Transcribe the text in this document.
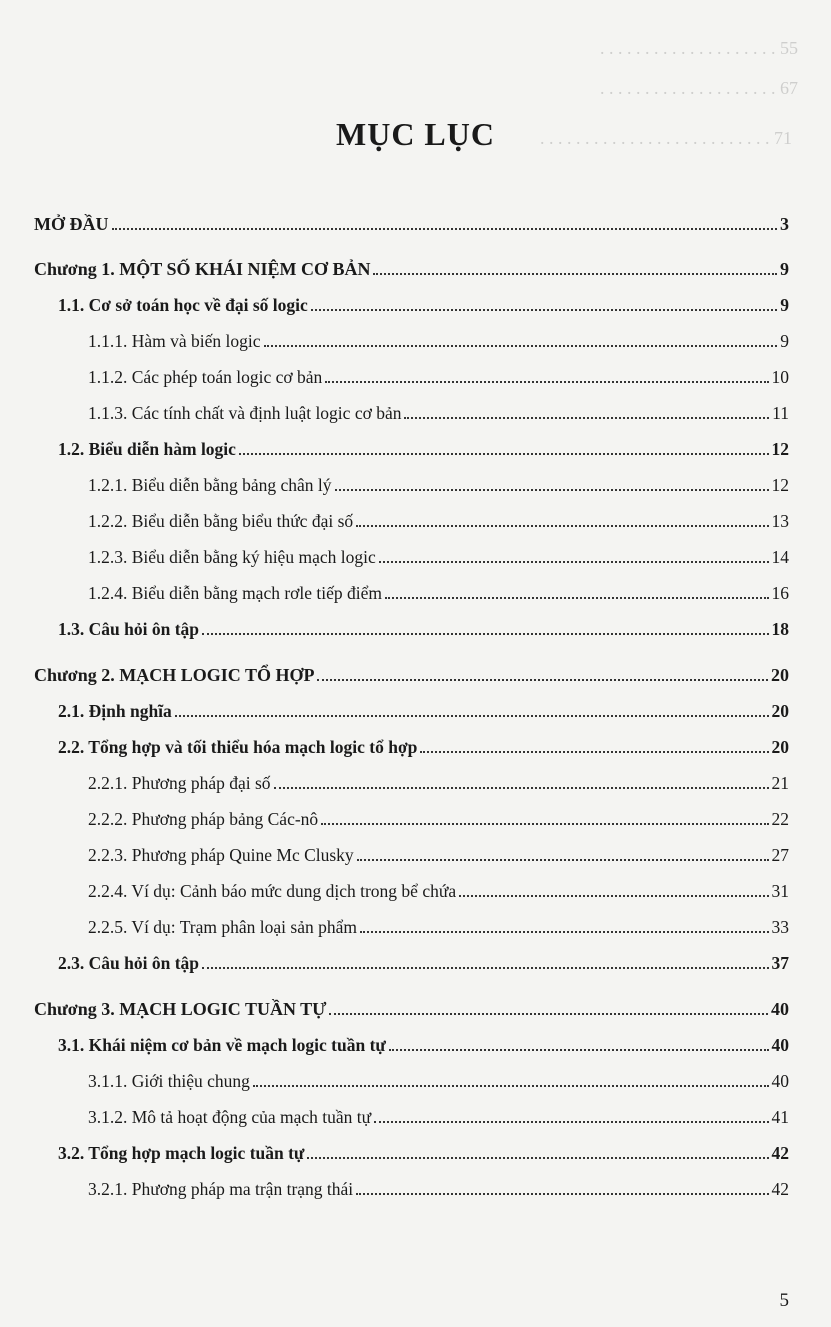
. . . . . . . . . . . . . . . . . . . . 55
. . . . . . . . . . . . . . . . . . . . 67
. . . . . . . . . . . . . . . . . . . . . . . . . . 71
MỤC LỤC
MỞ ĐẦU	3
Chương 1. MỘT SỐ KHÁI NIỆM CƠ BẢN	9
1.1. Cơ sở toán học về đại số logic	9
1.1.1. Hàm và biến logic	9
1.1.2. Các phép toán logic cơ bản	10
1.1.3. Các tính chất và định luật logic cơ bản	11
1.2. Biểu diễn hàm logic	12
1.2.1. Biểu diễn bằng bảng chân lý	12
1.2.2. Biểu diễn bằng biểu thức đại số	13
1.2.3. Biểu diễn bằng ký hiệu mạch logic	14
1.2.4. Biểu diễn bằng mạch rơle tiếp điểm	16
1.3. Câu hỏi ôn tập	18
Chương 2. MẠCH LOGIC TỔ HỢP	20
2.1. Định nghĩa	20
2.2. Tổng hợp và tối thiểu hóa mạch logic tổ hợp	20
2.2.1. Phương pháp đại số	21
2.2.2. Phương pháp bảng Các-nô	22
2.2.3. Phương pháp Quine Mc Clusky	27
2.2.4. Ví dụ: Cảnh báo mức dung dịch trong bể chứa	31
2.2.5. Ví dụ: Trạm phân loại sản phẩm	33
2.3. Câu hỏi ôn tập	37
Chương 3. MẠCH LOGIC TUẦN TỰ	40
3.1. Khái niệm cơ bản về mạch logic tuần tự	40
3.1.1. Giới thiệu chung	40
3.1.2. Mô tả hoạt động của mạch tuần tự	41
3.2. Tổng hợp mạch logic tuần tự	42
3.2.1. Phương pháp ma trận trạng thái	42
5
